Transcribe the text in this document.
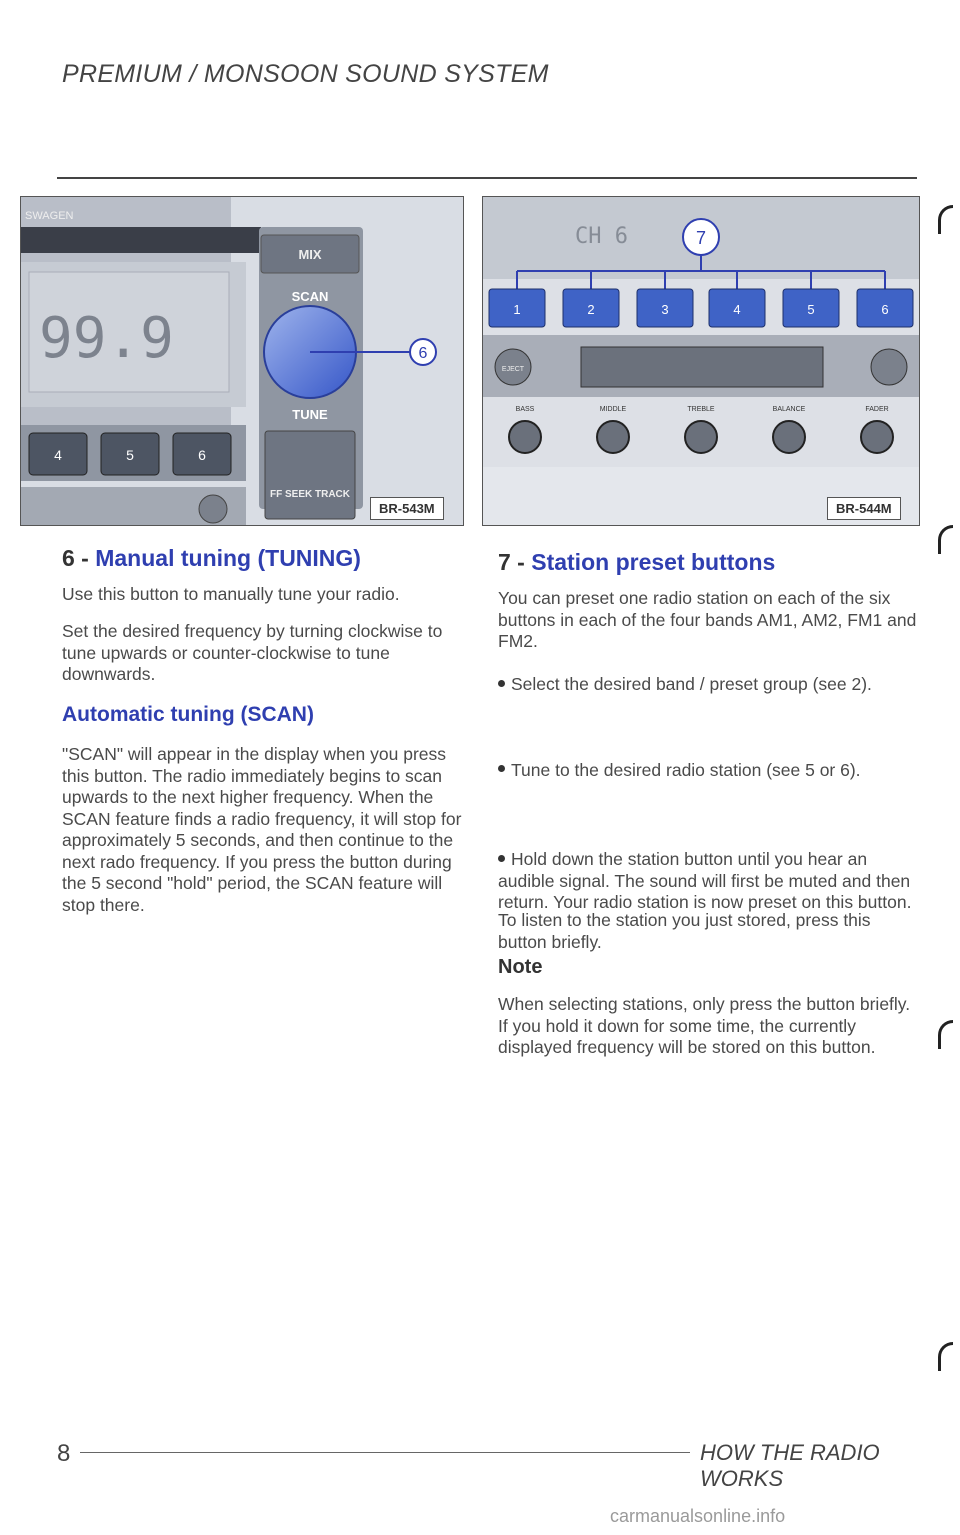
PREMIUM / MONSOON SOUND SYSTEM
99.9
SWAGEN
MIX
SCAN
6
TUNE
FF SEEK TRACK
4	5	6
BR-543M
CH 6	7
1	2	3	4	5	6
EJECT
BASS	MIDDLE	TREBLE	BALANCE	FADER
BR-544M
6 - Manual tuning (TUNING)
Use this button to manually tune your radio.
Set the desired frequency by turning clockwise to tune upwards or counter-clockwise to tune downwards.
Automatic tuning (SCAN)
"SCAN" will appear in the display when you press this button. The radio immediately begins to scan upwards to the next higher frequency. When the SCAN feature finds a radio frequency, it will stop for approximately 5 seconds, and then continue to the next rado frequency. If you press the button during the 5 second "hold" period, the SCAN feature will stop there.
7 - Station preset buttons
You can preset one radio station on each of the six buttons in each of the four bands AM1, AM2, FM1 and FM2.
Select the desired band / preset group (see 2).
Tune to the desired radio station (see 5 or 6).
Hold down the station button until you hear an audible signal. The sound will first be muted and then return. Your radio station is now preset on this button.
To listen to the station you just stored, press this button briefly.
Note
When selecting stations, only press the button briefly. If you hold it down for some time, the currently displayed frequency will be stored on this button.
8	HOW THE RADIO WORKS
carmanualsonline.info
